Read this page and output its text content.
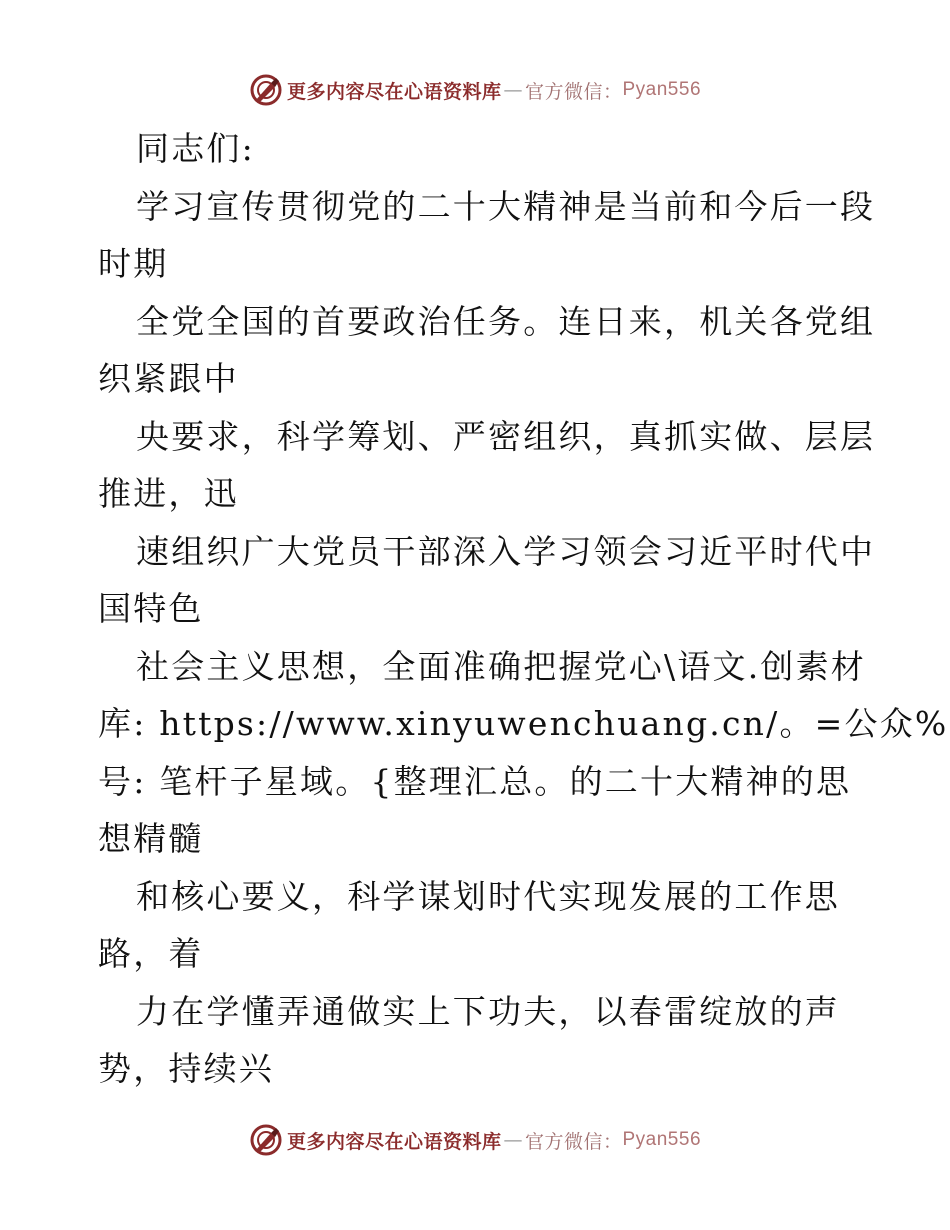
更多内容尽在心语资料库 — 官方微信： Pyan556
同志们:
学习宣传贯彻党的二十大精神是当前和今后一段
时期
全党全国的首要政治任务。连日来，机关各党组
织紧跟中
央要求，科学筹划、严密组织，真抓实做、层层
推进，迅
速组织广大党员干部深入学习领会习近平时代中
国特色
社会主义思想，全面准确把握党心\语文.创素材
库: https://www.xinyuwenchuang.cn/。=公众%
号: 笔杆子星域。{整理汇总。的二十大精神的思
想精髓
和核心要义，科学谋划时代实现发展的工作思
路，着
力在学懂弄通做实上下功夫，以春雷绽放的声
势，持续兴
更多内容尽在心语资料库 — 官方微信： Pyan556
